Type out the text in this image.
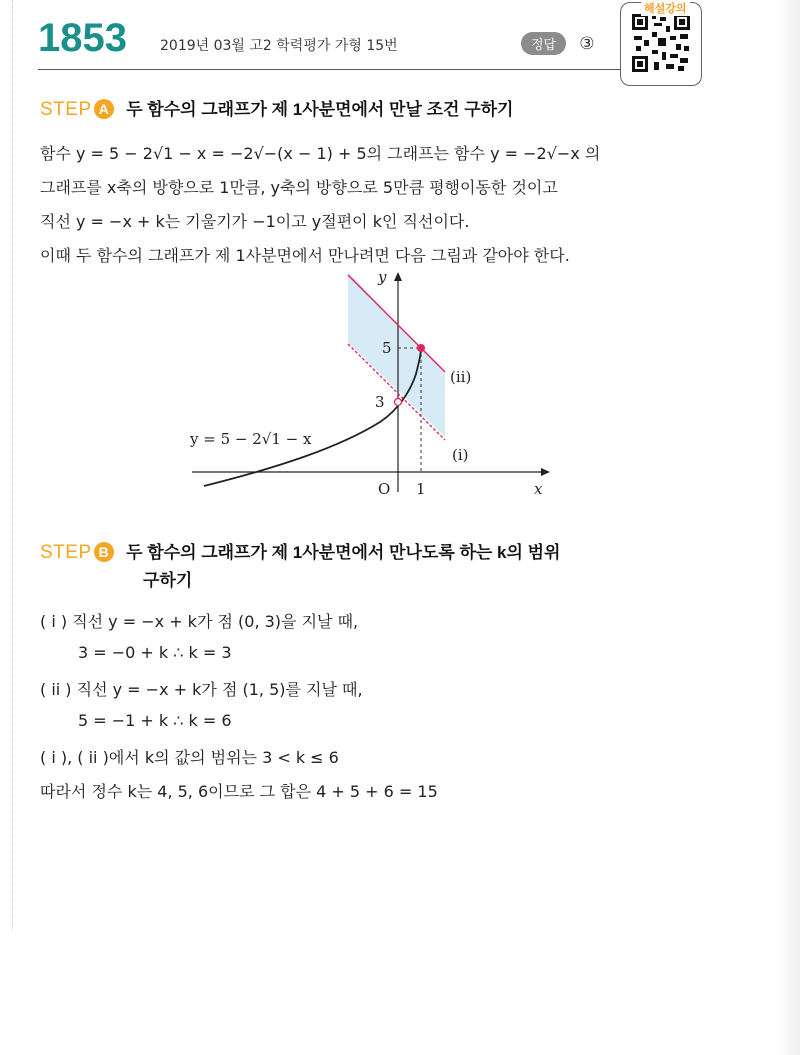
1853 2019년 03월 고2 학력평가 가형 15번	정답 ③
해설강의
STEP A 두 함수의 그래프가 제 1사분면에서 만날 조건 구하기
함수 y = 5 − 2√1 − x = −2√−(x − 1) + 5의 그래프는 함수 y = −2√−x 의
그래프를 x축의 방향으로 1만큼, y축의 방향으로 5만큼 평행이동한 것이고
직선 y = −x + k는 기울기가 −1이고 y절편이 k인 직선이다.
이때 두 함수의 그래프가 제 1사분면에서 만나려면 다음 그림과 같아야 한다.
y
x
O 1
5
3
y = 5 − 2√1 − x
(ii)
(i)
STEP B 두 함수의 그래프가 제 1사분면에서 만나도록 하는 k의 범위
구하기
( i ) 직선 y = −x + k가 점 (0, 3)을 지날 때,
3 = −0 + k ∴ k = 3
( ii ) 직선 y = −x + k가 점 (1, 5)를 지날 때,
5 = −1 + k ∴ k = 6
( i ), ( ii )에서 k의 값의 범위는 3 < k ≤ 6
따라서 정수 k는 4, 5, 6이므로 그 합은 4 + 5 + 6 = 15
